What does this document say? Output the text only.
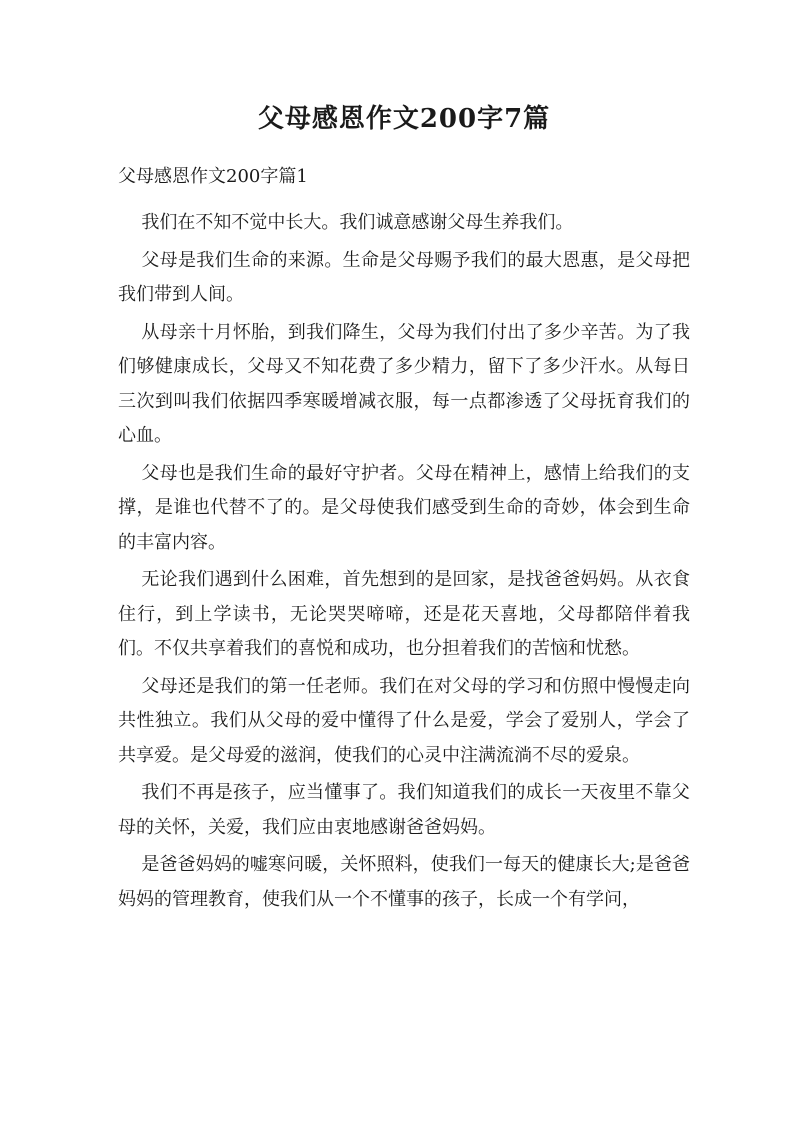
父母感恩作文200字7篇
父母感恩作文200字篇1

我们在不知不觉中长大。我们诚意感谢父母生养我们。

父母是我们生命的来源。生命是父母赐予我们的最大恩惠，是父母把我们带到人间。

从母亲十月怀胎，到我们降生，父母为我们付出了多少辛苦。为了我们够健康成长，父母又不知花费了多少精力，留下了多少汗水。从每日三次到叫我们依据四季寒暖增减衣服，每一点都渗透了父母抚育我们的心血。

父母也是我们生命的最好守护者。父母在精神上，感情上给我们的支撑，是谁也代替不了的。是父母使我们感受到生命的奇妙，体会到生命的丰富内容。

无论我们遇到什么困难，首先想到的是回家，是找爸爸妈妈。从衣食住行，到上学读书，无论哭哭啼啼，还是花天喜地，父母都陪伴着我们。不仅共享着我们的喜悦和成功，也分担着我们的苦恼和忧愁。

父母还是我们的第一任老师。我们在对父母的学习和仿照中慢慢走向共性独立。我们从父母的爱中懂得了什么是爱，学会了爱别人，学会了共享爱。是父母爱的滋润，使我们的心灵中注满流淌不尽的爱泉。

我们不再是孩子，应当懂事了。我们知道我们的成长一天夜里不靠父母的关怀，关爱，我们应由衷地感谢爸爸妈妈。

是爸爸妈妈的嘘寒问暖，关怀照料，使我们一每天的健康长大;是爸爸妈妈的管理教育，使我们从一个不懂事的孩子，长成一个有学问，
